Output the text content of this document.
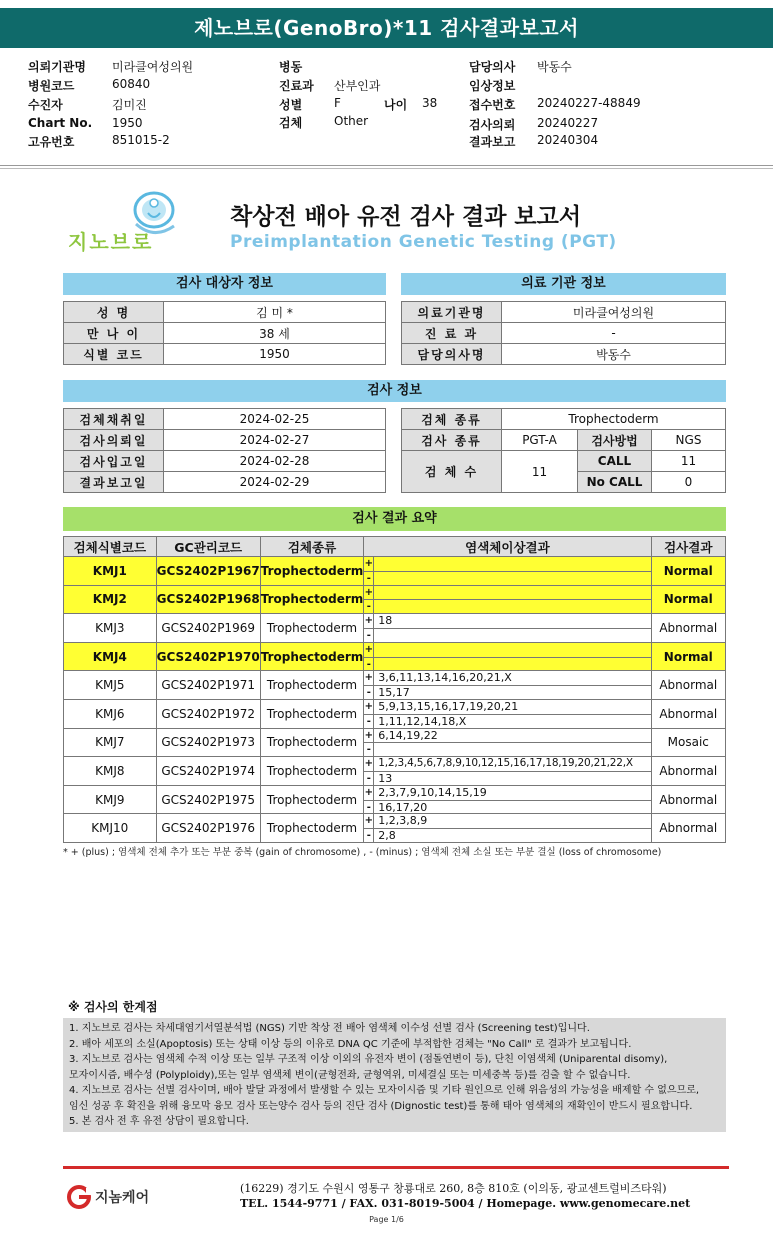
제노브로(GenoBro)*11 검사결과보고서
의뢰기관명 미라클여성의원
병원코드	60840
수진자	김미진
Chart No. 1950
고유번호	851015-2
병동
진료과 산부인과
성별	F	나이 38
검체	Other
담당의사 박동수
임상정보
접수번호 20240227-48849
검사의뢰 20240227
결과보고 20240304
지노브로
착상전 배아 유전 검사 결과 보고서
Preimplantation Genetic Testing (PGT)
검사 대상자 정보
성 명	김 미 *
만 나 이	38 세
식별 코드	1950
의료 기관 정보
의료기관명	미라클여성의원
진 료 과	-
담당의사명	박동수
검사 정보
검체채취일	2024-02-25
검사의뢰일	2024-02-27
검사입고일	2024-02-28
결과보고일	2024-02-29
검체 종류	Trophectoderm		
검사 종류	PGT-A	검사방법	NGS
검 체 수	11	CALL	11
		No CALL	0
검사 결과 요약
검체식별코드	GC관리코드	검체종류	염색체이상결과	검사결과
KMJ1	GCS2402P1967	Trophectoderm	+
-	Normal
KMJ2	GCS2402P1968	Trophectoderm	+
-	Normal
KMJ3	GCS2402P1969	Trophectoderm	+ 18
-	Abnormal
KMJ4	GCS2402P1970	Trophectoderm	+
-	Normal
KMJ5	GCS2402P1971	Trophectoderm	+ 3,6,11,13,14,16,20,21,X
- 15,17	Abnormal
KMJ6	GCS2402P1972	Trophectoderm	+ 5,9,13,15,16,17,19,20,21
- 1,11,12,14,18,X	Abnormal
KMJ7	GCS2402P1973	Trophectoderm	+ 6,14,19,22
-	Mosaic
KMJ8	GCS2402P1974	Trophectoderm	+ 1,2,3,4,5,6,7,8,9,10,12,15,16,17,18,19,20,21,22,X
- 13	Abnormal
KMJ9	GCS2402P1975	Trophectoderm	+ 2,3,7,9,10,14,15,19
- 16,17,20	Abnormal
KMJ10	GCS2402P1976	Trophectoderm	+ 1,2,3,8,9
- 2,8	Abnormal
* + (plus) ; 염색체 전체 추가 또는 부분 중복 (gain of chromosome) , - (minus) ; 염색체 전체 소실 또는 부분 결실 (loss of chromosome)
※ 검사의 한계점
1. 지노브로 검사는 차세대염기서열분석법 (NGS) 기반 착상 전 배아 염색체 이수성 선별 검사 (Screening test)입니다.
2. 배아 세포의 소실(Apoptosis) 또는 상태 이상 등의 이유로 DNA QC 기준에 부적합한 검체는 "No Call" 로 결과가 보고됩니다.
3. 지노브로 검사는 염색체 수적 이상 또는 일부 구조적 이상 이외의 유전자 변이 (점돌연변이 등), 단친 이염색체 (Uniparental disomy),
모자이시즘, 배수성 (Polyploidy),또는 일부 염색체 변이(균형전좌, 균형역위, 미세결실 또는 미세중복 등)를 검출 할 수 없습니다.
4. 지노브로 검사는 선별 검사이며, 배아 발달 과정에서 발생할 수 있는 모자이시즘 및 기타 원인으로 인해 위음성의 가능성을 배제할 수 없으므로,
임신 성공 후 확진을 위해 융모막 융모 검사 또는양수 검사 등의 진단 검사 (Dignostic test)를 통해 태아 염색체의 재확인이 반드시 필요합니다.
5. 본 검사 전 후 유전 상담이 필요합니다.
지놈케어
(16229) 경기도 수원시 영통구 창룡대로 260, 8층 810호 (이의동, 광교센트럴비즈타워)
TEL. 1544-9771 / FAX. 031-8019-5004 / Homepage. www.genomecare.net
Page 1/6
